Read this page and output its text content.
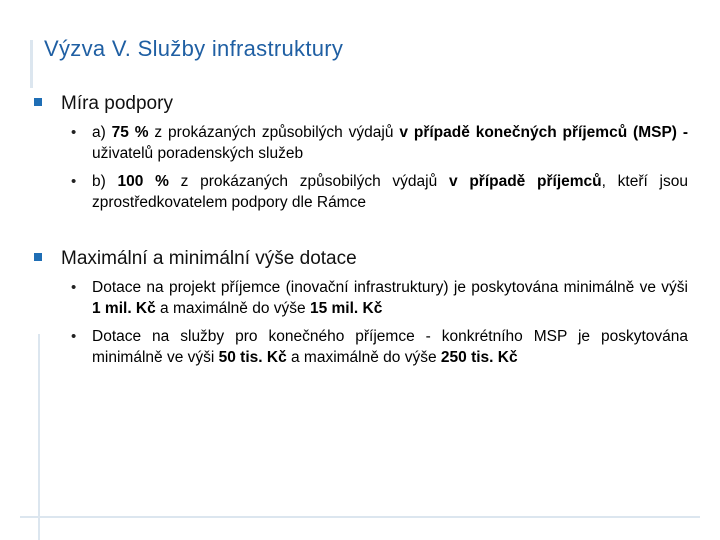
Výzva V. Služby infrastruktury
Míra podpory
• a) 75 % z prokázaných způsobilých výdajů v případě konečných příjemců (MSP) - uživatelů poradenských služeb
• b) 100 % z prokázaných způsobilých výdajů v případě příjemců, kteří jsou zprostředkovatelem podpory dle Rámce
Maximální a minimální výše dotace
• Dotace na projekt příjemce (inovační infrastruktury) je poskytována minimálně ve výši 1 mil. Kč a maximálně do výše 15 mil. Kč
• Dotace na služby pro konečného příjemce - konkrétního MSP je poskytována minimálně ve výši 50 tis. Kč a maximálně do výše 250 tis. Kč
